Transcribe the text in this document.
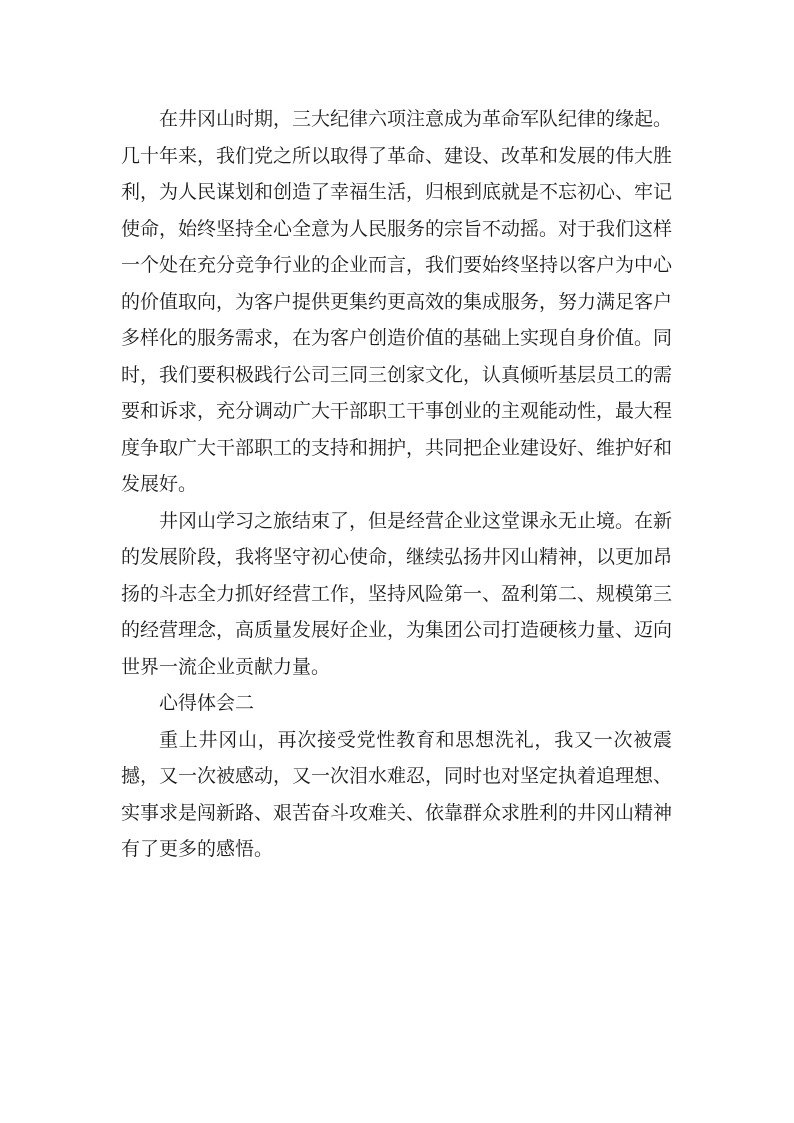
在井冈山时期，三大纪律六项注意成为革命军队纪律的缘起。几十年来，我们党之所以取得了革命、建设、改革和发展的伟大胜利，为人民谋划和创造了幸福生活，归根到底就是不忘初心、牢记使命，始终坚持全心全意为人民服务的宗旨不动摇。对于我们这样一个处在充分竞争行业的企业而言，我们要始终坚持以客户为中心的价值取向，为客户提供更集约更高效的集成服务，努力满足客户多样化的服务需求，在为客户创造价值的基础上实现自身价值。同时，我们要积极践行公司三同三创家文化，认真倾听基层员工的需要和诉求，充分调动广大干部职工干事创业的主观能动性，最大程度争取广大干部职工的支持和拥护，共同把企业建设好、维护好和发展好。

井冈山学习之旅结束了，但是经营企业这堂课永无止境。在新的发展阶段，我将坚守初心使命，继续弘扬井冈山精神，以更加昂扬的斗志全力抓好经营工作，坚持风险第一、盈利第二、规模第三的经营理念，高质量发展好企业，为集团公司打造硬核力量、迈向世界一流企业贡献力量。

心得体会二

重上井冈山，再次接受党性教育和思想洗礼，我又一次被震撼，又一次被感动，又一次泪水难忍，同时也对坚定执着追理想、实事求是闯新路、艰苦奋斗攻难关、依靠群众求胜利的井冈山精神有了更多的感悟。
